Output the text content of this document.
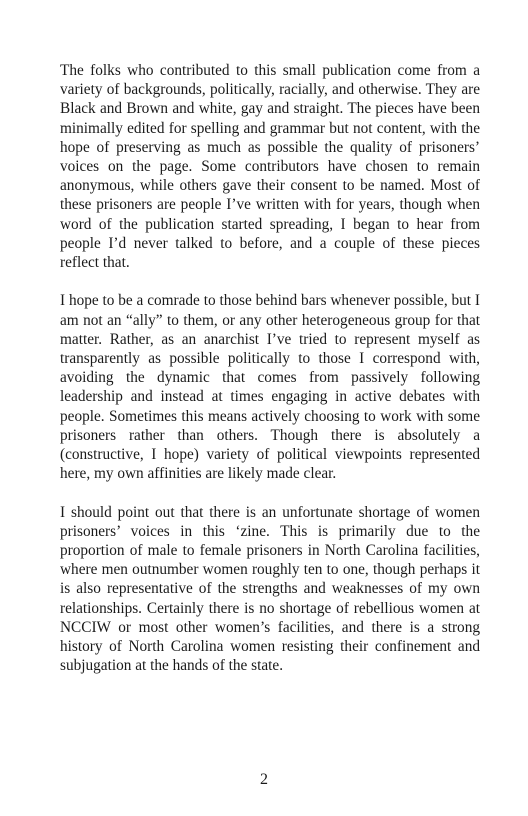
The folks who contributed to this small publication come from a variety of backgrounds, politically, racially, and otherwise. They are Black and Brown and white, gay and straight. The pieces have been minimally edited for spelling and grammar but not content, with the hope of preserving as much as possible the quality of prisoners’ voices on the page. Some contributors have chosen to remain anonymous, while others gave their consent to be named. Most of these prisoners are people I’ve written with for years, though when word of the publication started spreading, I began to hear from people I’d never talked to before, and a couple of these pieces reflect that.

I hope to be a comrade to those behind bars whenever possible, but I am not an “ally” to them, or any other heterogeneous group for that matter. Rather, as an anarchist I’ve tried to represent myself as transparently as possible politically to those I correspond with, avoiding the dynamic that comes from passively following leadership and instead at times engaging in active debates with people. Sometimes this means actively choosing to work with some prisoners rather than others. Though there is absolutely a (constructive, I hope) variety of political viewpoints represented here, my own affinities are likely made clear.

I should point out that there is an unfortunate shortage of women prisoners’ voices in this ‘zine. This is primarily due to the proportion of male to female prisoners in North Carolina facilities, where men outnumber women roughly ten to one, though perhaps it is also representative of the strengths and weaknesses of my own relationships. Certainly there is no shortage of rebellious women at NCCIW or most other women’s facilities, and there is a strong history of North Carolina women resisting their confinement and subjugation at the hands of the state.

2
